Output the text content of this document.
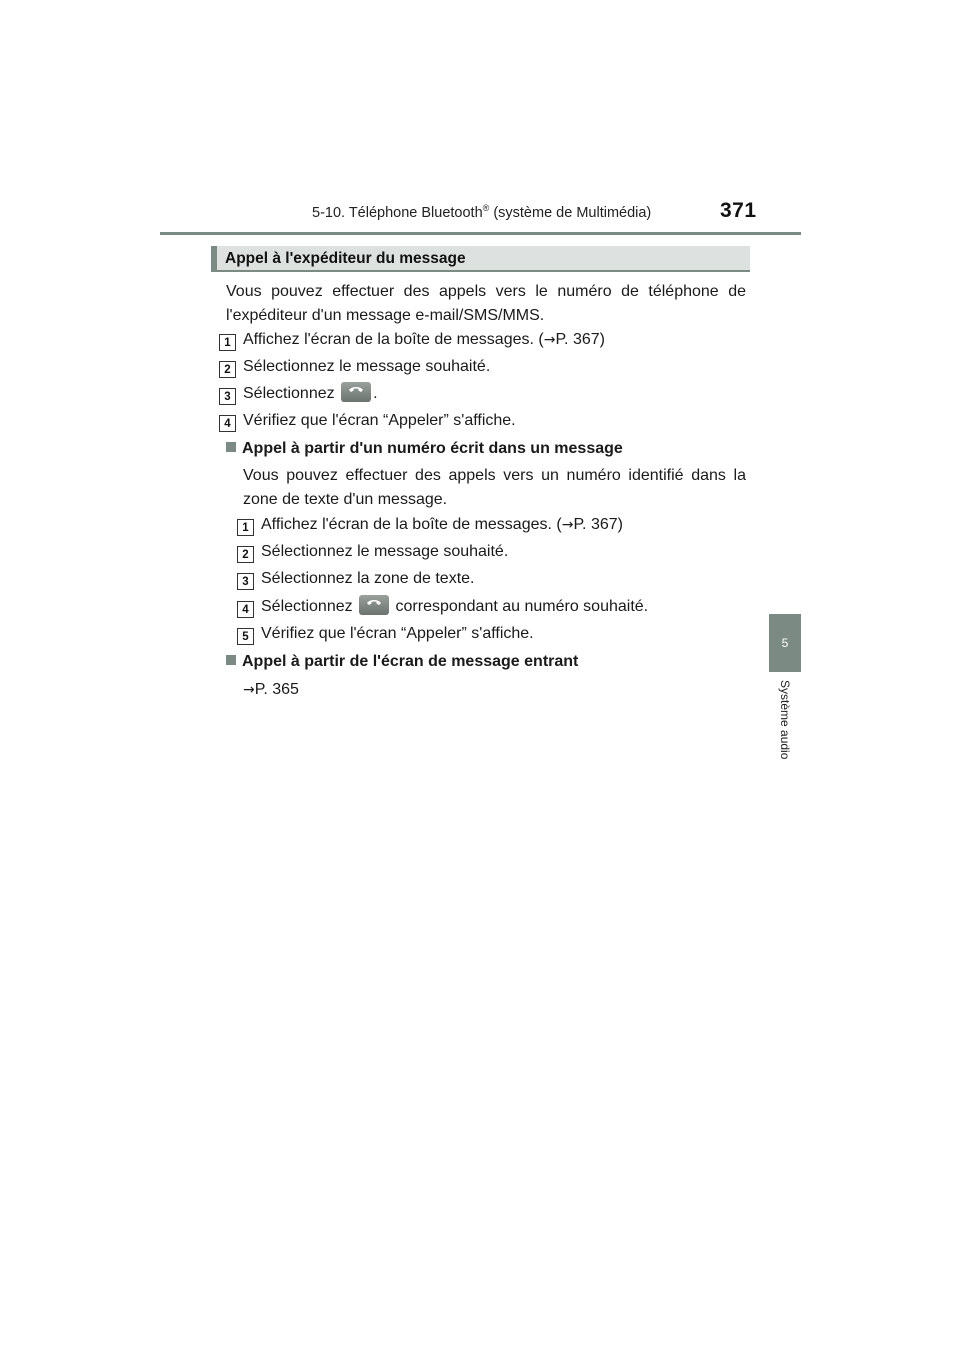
5-10. Téléphone Bluetooth® (système de Multimédia)	371
5
Système audio
Appel à l'expéditeur du message
Vous pouvez effectuer des appels vers le numéro de téléphone de l'expéditeur d'un message e-mail/SMS/MMS.
1 Affichez l'écran de la boîte de messages. (→P. 367)
2 Sélectionnez le message souhaité.
3 Sélectionnez
.
4 Vérifiez que l'écran “Appeler” s'affiche.
Appel à partir d'un numéro écrit dans un message
Vous pouvez effectuer des appels vers un numéro identifié dans la zone de texte d'un message.
1 Affichez l'écran de la boîte de messages. (→P. 367)
2 Sélectionnez le message souhaité.
3 Sélectionnez la zone de texte.
4 Sélectionnez
correspondant au numéro souhaité.
5 Vérifiez que l'écran “Appeler” s'affiche.
Appel à partir de l'écran de message entrant
→P. 365
